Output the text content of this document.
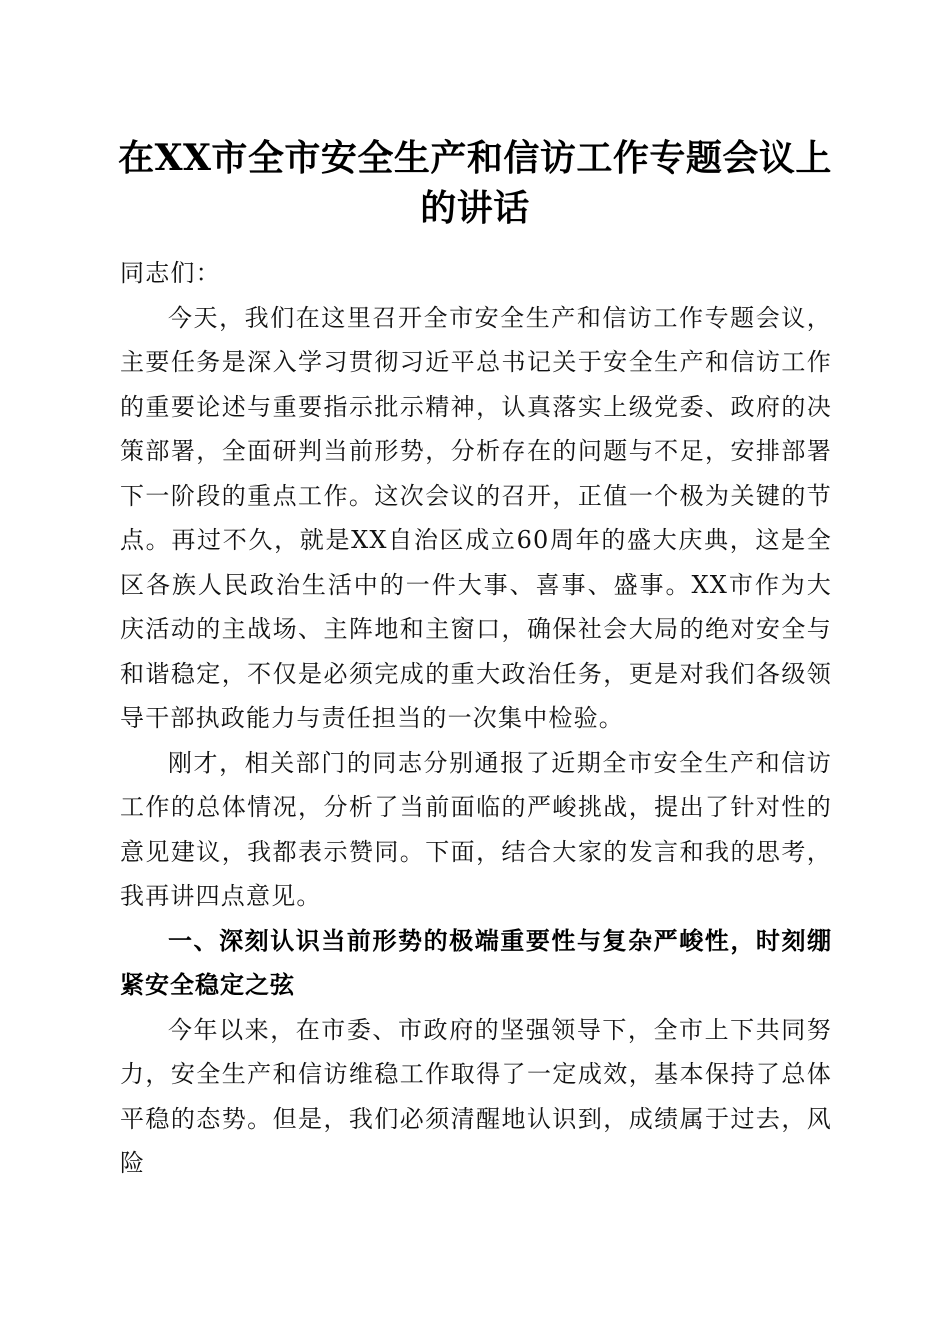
在XX市全市安全生产和信访工作专题会议上
的讲话

同志们：

今天，我们在这里召开全市安全生产和信访工作专题会议，主要任务是深入学习贯彻习近平总书记关于安全生产和信访工作的重要论述与重要指示批示精神，认真落实上级党委、政府的决策部署，全面研判当前形势，分析存在的问题与不足，安排部署下一阶段的重点工作。这次会议的召开，正值一个极为关键的节点。再过不久，就是XX自治区成立60周年的盛大庆典，这是全区各族人民政治生活中的一件大事、喜事、盛事。XX市作为大庆活动的主战场、主阵地和主窗口，确保社会大局的绝对安全与和谐稳定，不仅是必须完成的重大政治任务，更是对我们各级领导干部执政能力与责任担当的一次集中检验。

刚才，相关部门的同志分别通报了近期全市安全生产和信访工作的总体情况，分析了当前面临的严峻挑战，提出了针对性的意见建议，我都表示赞同。下面，结合大家的发言和我的思考，我再讲四点意见。

一、深刻认识当前形势的极端重要性与复杂严峻性，时刻绷紧安全稳定之弦

今年以来，在市委、市政府的坚强领导下，全市上下共同努力，安全生产和信访维稳工作取得了一定成效，基本保持了总体平稳的态势。但是，我们必须清醒地认识到，成绩属于过去，风险
